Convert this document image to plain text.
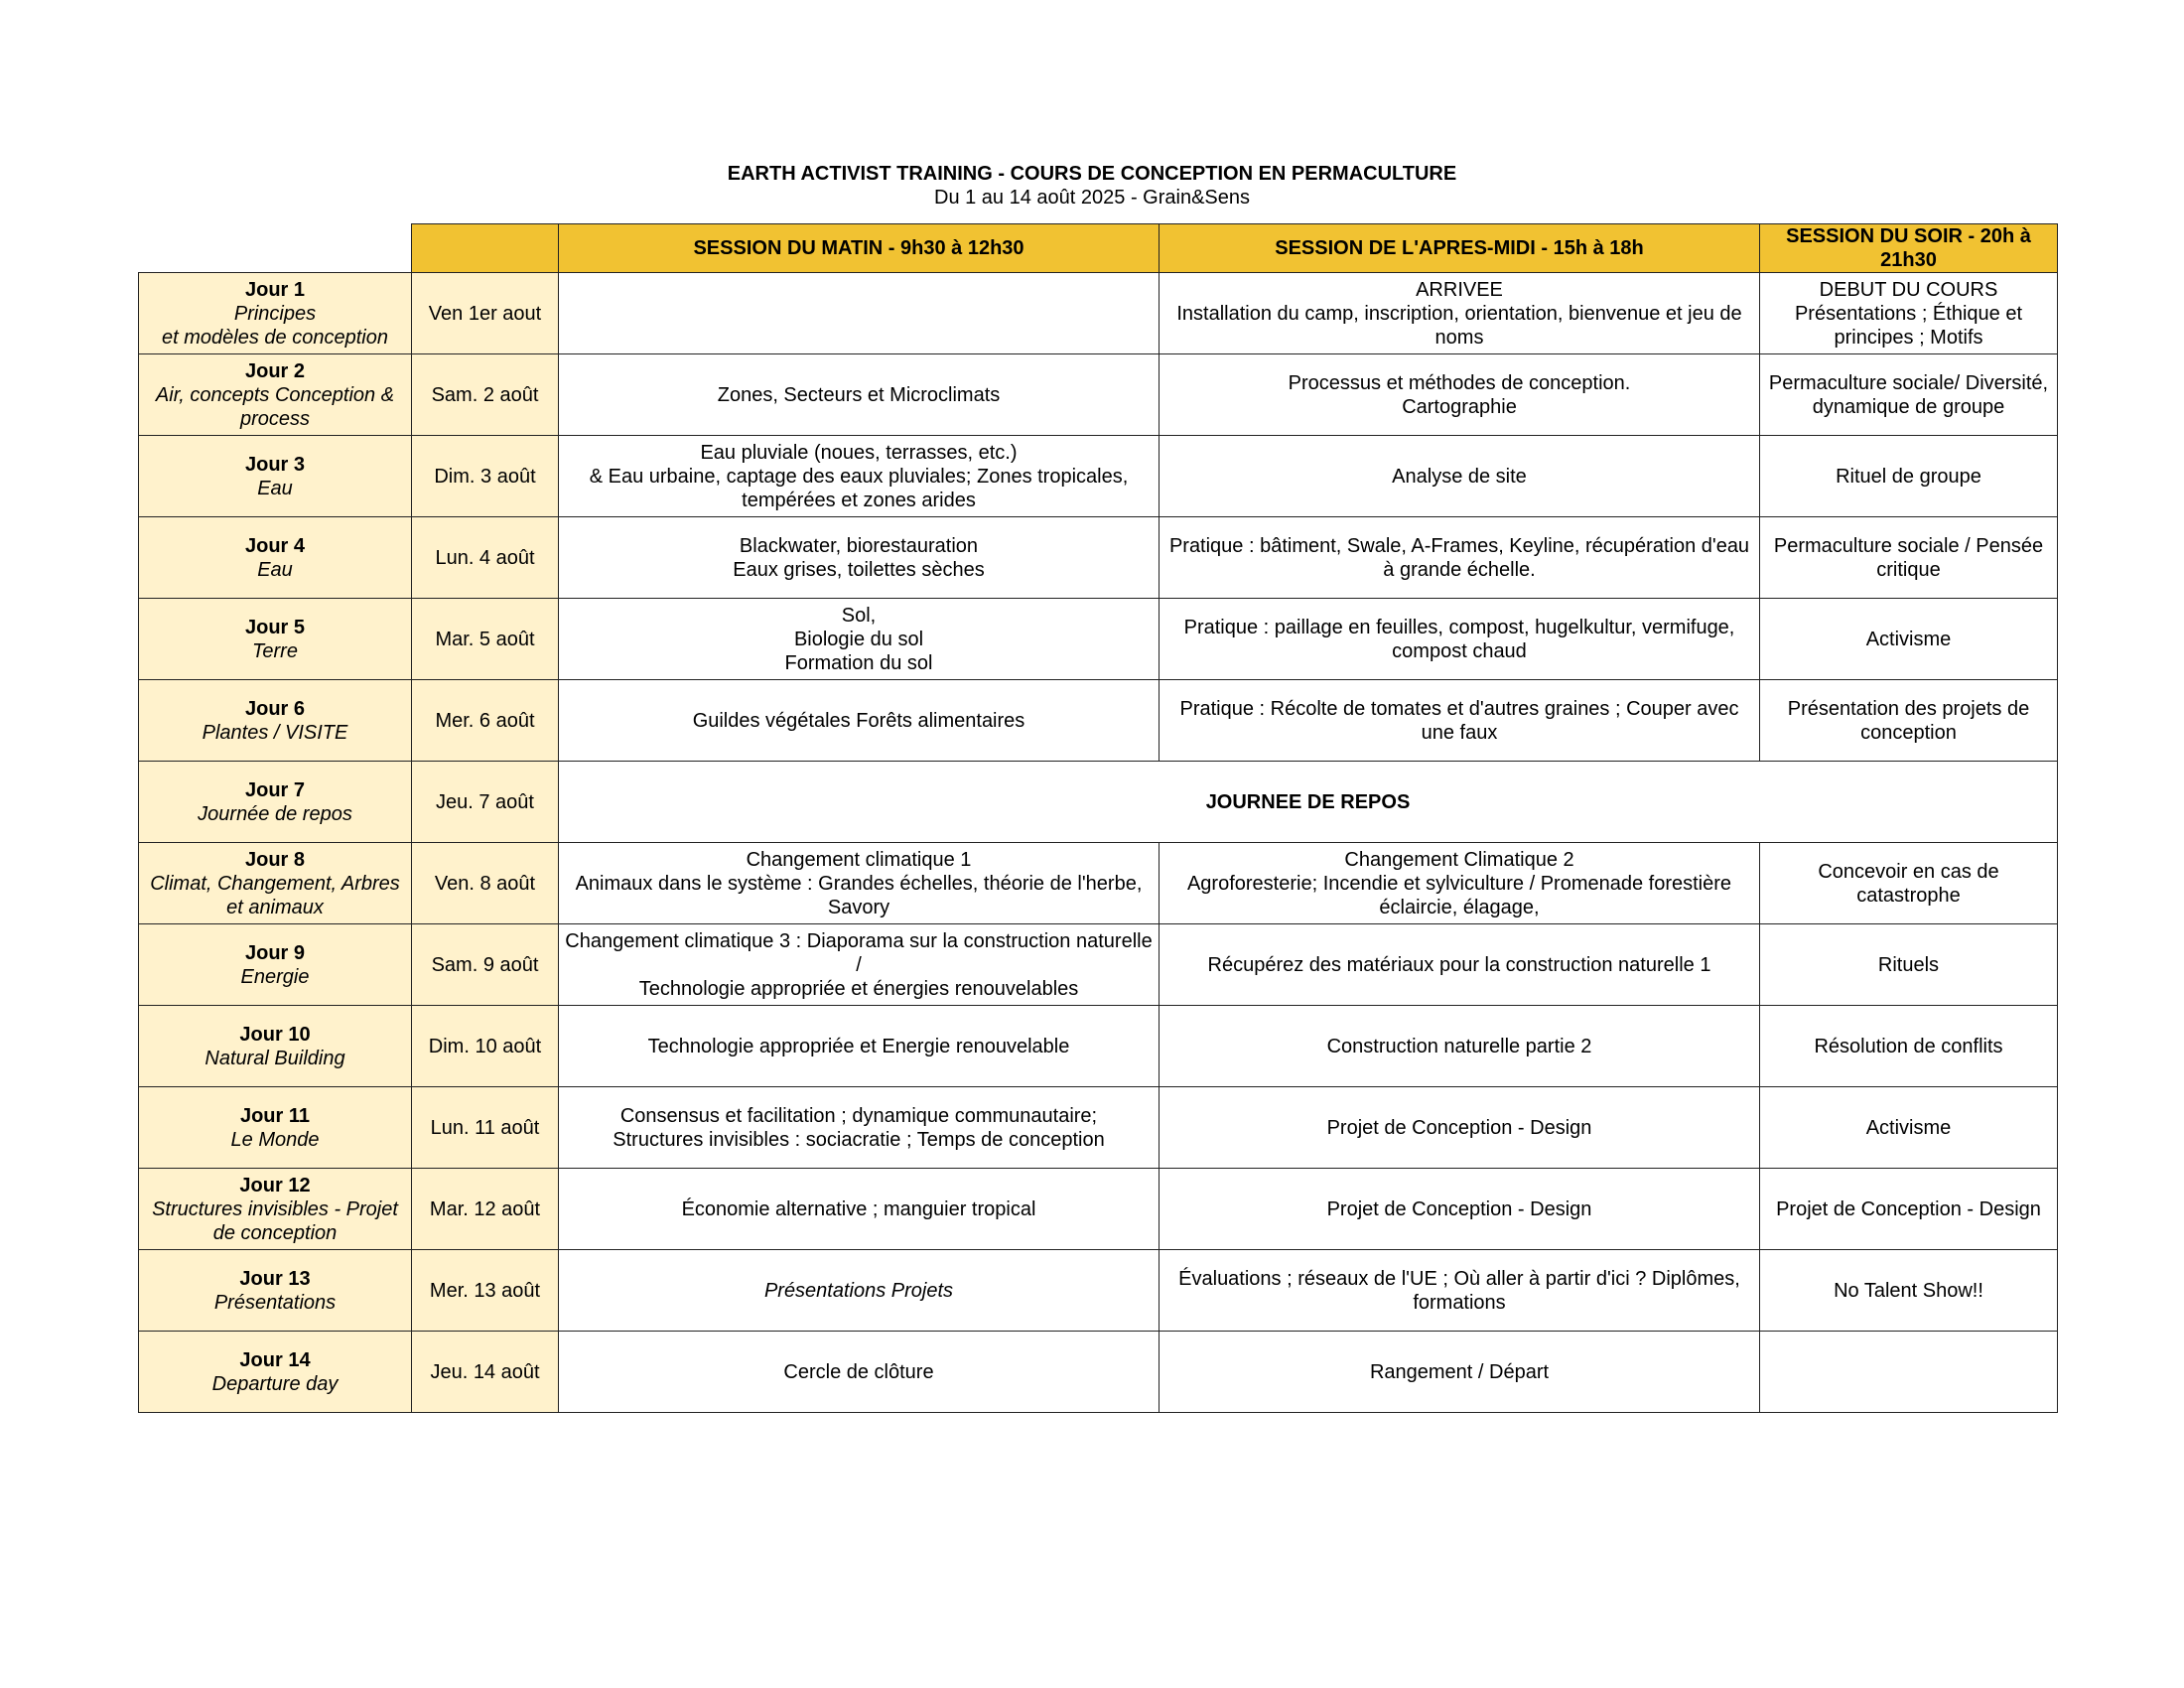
EARTH ACTIVIST TRAINING - COURS DE CONCEPTION EN PERMACULTURE
Du 1 au 14 août 2025 - Grain&Sens
		SESSION DU MATIN - 9h30 à 12h30	SESSION DE L'APRES-MIDI - 15h à 18h	SESSION DU SOIR - 20h à 21h30

Jour 1
Principes
et modèles de conception	Ven 1er aout		ARRIVEE
Installation du camp, inscription, orientation, bienvenue et jeu de noms	DEBUT DU COURS
Présentations ; Éthique et principes ; Motifs

Jour 2
Air, concepts Conception & process	Sam. 2 août	Zones, Secteurs et Microclimats	Processus et méthodes de conception.
Cartographie	Permaculture sociale/ Diversité, dynamique de groupe

Jour 3
Eau	Dim. 3 août	Eau pluviale (noues, terrasses, etc.)
& Eau urbaine, captage des eaux pluviales; Zones tropicales, tempérées et zones arides	Analyse de site	Rituel de groupe

Jour 4
Eau	Lun. 4 août	Blackwater, biorestauration
Eaux grises, toilettes sèches	Pratique : bâtiment, Swale, A-Frames, Keyline, récupération d'eau à grande échelle.	Permaculture sociale / Pensée critique

Jour 5
Terre	Mar. 5 août	Sol,
Biologie du sol
Formation du sol	Pratique : paillage en feuilles, compost, hugelkultur, vermifuge, compost chaud	Activisme

Jour 6
Plantes / VISITE	Mer. 6 août	Guildes végétales Forêts alimentaires	Pratique : Récolte de tomates et d'autres graines ; Couper avec une faux	Présentation des projets de conception

Jour 7
Journée de repos	Jeu. 7 août	JOURNEE DE REPOS		

Jour 8
Climat, Changement, Arbres et animaux	Ven. 8 août	Changement climatique 1
Animaux dans le système : Grandes échelles, théorie de l'herbe, Savory	Changement Climatique 2
Agroforesterie; Incendie et sylviculture / Promenade forestière éclaircie, élagage,	Concevoir en cas de catastrophe

Jour 9
Energie	Sam. 9 août	Changement climatique 3 : Diaporama sur la construction naturelle /
Technologie appropriée et énergies renouvelables	Récupérez des matériaux pour la construction naturelle 1	Rituels

Jour 10
Natural Building	Dim. 10 août	Technologie appropriée et Energie renouvelable	Construction naturelle partie 2	Résolution de conflits

Jour 11
Le Monde	Lun. 11 août	Consensus et facilitation ; dynamique communautaire;
Structures invisibles : sociacratie ; Temps de conception	Projet de Conception - Design	Activisme

Jour 12
Structures invisibles - Projet de conception	Mar. 12 août	Économie alternative ; manguier tropical	Projet de Conception - Design	Projet de Conception - Design

Jour 13
Présentations	Mer. 13 août	Présentations Projets	Évaluations ; réseaux de l'UE ; Où aller à partir d'ici ? Diplômes, formations	No Talent Show!!

Jour 14
Departure day	Jeu. 14 août	Cercle de clôture	Rangement / Départ	
